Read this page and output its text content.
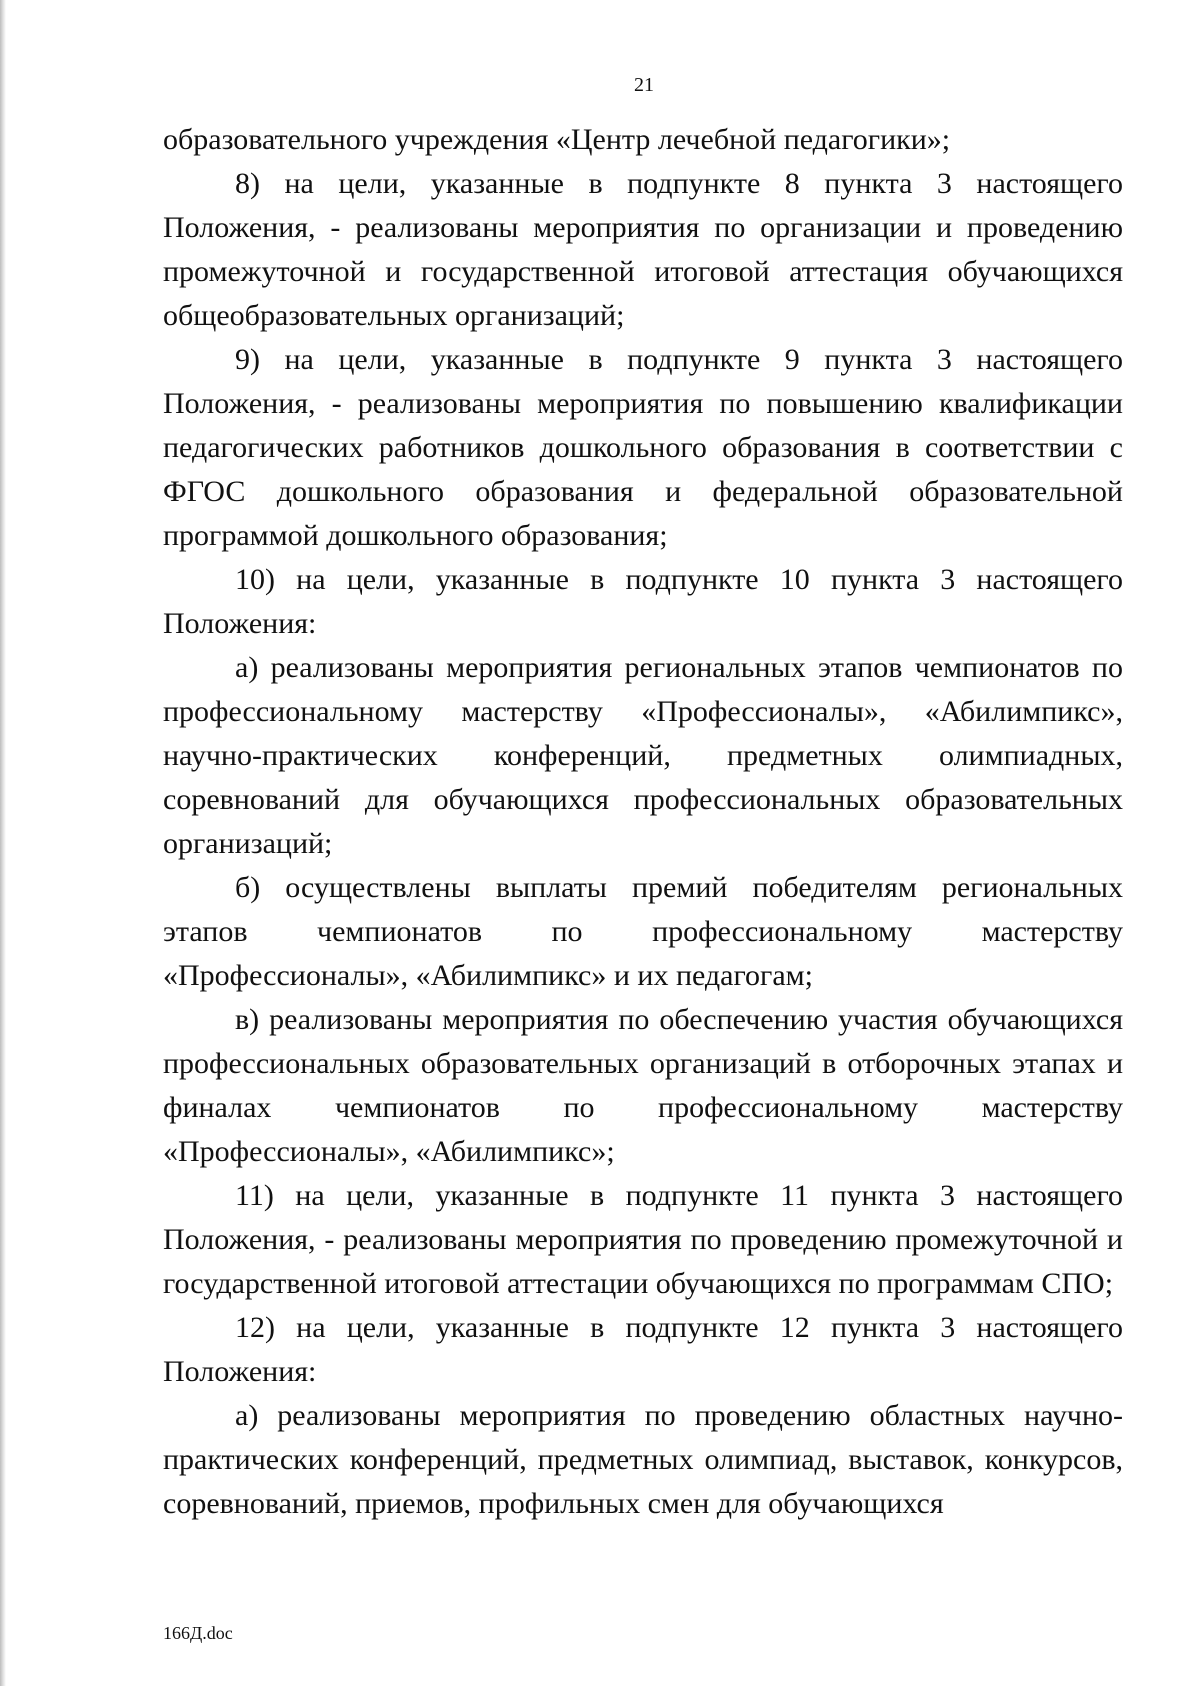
21

образовательного учреждения «Центр лечебной педагогики»;

8) на цели, указанные в подпункте 8 пункта 3 настоящего Положения, - реализованы мероприятия по организации и проведению промежуточной и государственной итоговой аттестация обучающихся общеобразовательных организаций;

9) на цели, указанные в подпункте 9 пункта 3 настоящего Положения, - реализованы мероприятия по повышению квалификации педагогических работников дошкольного образования в соответствии с ФГОС дошкольного образования и федеральной образовательной программой дошкольного образования;

10) на цели, указанные в подпункте 10 пункта 3 настоящего Положения:

а) реализованы мероприятия региональных этапов чемпионатов по профессиональному мастерству «Профессионалы», «Абилимпикс», научно-практических конференций, предметных олимпиадных, соревнований для обучающихся профессиональных образовательных организаций;

б) осуществлены выплаты премий победителям региональных этапов чемпионатов по профессиональному мастерству «Профессионалы», «Абилимпикс» и их педагогам;

в) реализованы мероприятия по обеспечению участия обучающихся профессиональных образовательных организаций в отборочных этапах и финалах чемпионатов по профессиональному мастерству «Профессионалы», «Абилимпикс»;

11) на цели, указанные в подпункте 11 пункта 3 настоящего Положения, - реализованы мероприятия по проведению промежуточной и государственной итоговой аттестации обучающихся по программам СПО;

12) на цели, указанные в подпункте 12 пункта 3 настоящего Положения:

а) реализованы мероприятия по проведению областных научно-практических конференций, предметных олимпиад, выставок, конкурсов, соревнований, приемов, профильных смен для обучающихся

166Д.doc
